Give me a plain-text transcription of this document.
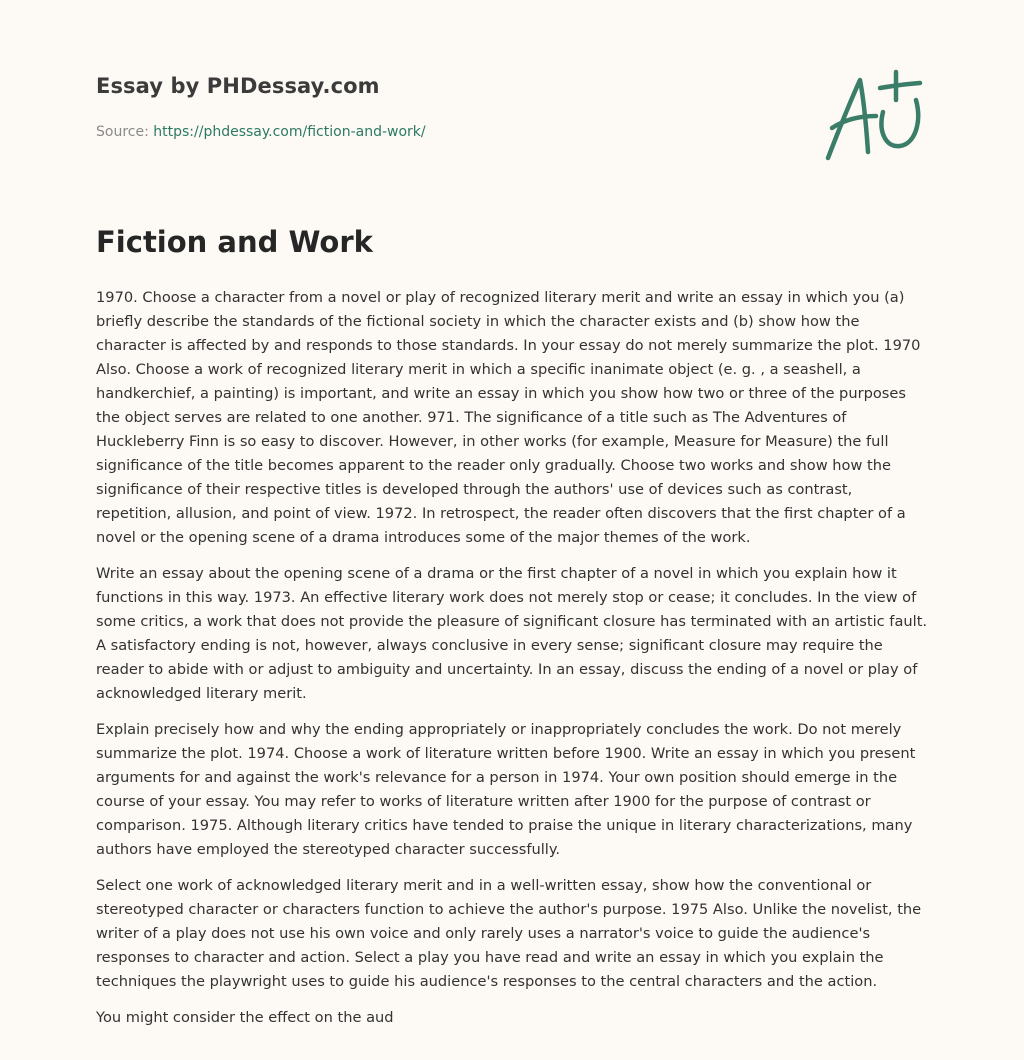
Essay by PHDessay.com
Source: https://phdessay.com/fiction-and-work/
Fiction and Work

1970. Choose a character from a novel or play of recognized literary merit and write an essay in which you (a) briefly describe the standards of the fictional society in which the character exists and (b) show how the character is affected by and responds to those standards. In your essay do not merely summarize the plot. 1970 Also. Choose a work of recognized literary merit in which a specific inanimate object (e. g. , a seashell, a handkerchief, a painting) is important, and write an essay in which you show how two or three of the purposes the object serves are related to one another. 971. The significance of a title such as The Adventures of Huckleberry Finn is so easy to discover. However, in other works (for example, Measure for Measure) the full significance of the title becomes apparent to the reader only gradually. Choose two works and show how the significance of their respective titles is developed through the authors' use of devices such as contrast, repetition, allusion, and point of view. 1972. In retrospect, the reader often discovers that the first chapter of a novel or the opening scene of a drama introduces some of the major themes of the work.

Write an essay about the opening scene of a drama or the first chapter of a novel in which you explain how it functions in this way. 1973. An effective literary work does not merely stop or cease; it concludes. In the view of some critics, a work that does not provide the pleasure of significant closure has terminated with an artistic fault. A satisfactory ending is not, however, always conclusive in every sense; significant closure may require the reader to abide with or adjust to ambiguity and uncertainty. In an essay, discuss the ending of a novel or play of acknowledged literary merit.

Explain precisely how and why the ending appropriately or inappropriately concludes the work. Do not merely summarize the plot. 1974. Choose a work of literature written before 1900. Write an essay in which you present arguments for and against the work's relevance for a person in 1974. Your own position should emerge in the course of your essay. You may refer to works of literature written after 1900 for the purpose of contrast or comparison. 1975. Although literary critics have tended to praise the unique in literary characterizations, many authors have employed the stereotyped character successfully.

Select one work of acknowledged literary merit and in a well-written essay, show how the conventional or stereotyped character or characters function to achieve the author's purpose. 1975 Also. Unlike the novelist, the writer of a play does not use his own voice and only rarely uses a narrator's voice to guide the audience's responses to character and action. Select a play you have read and write an essay in which you explain the techniques the playwright uses to guide his audience's responses to the central characters and the action.

You might consider the effect on the aud
